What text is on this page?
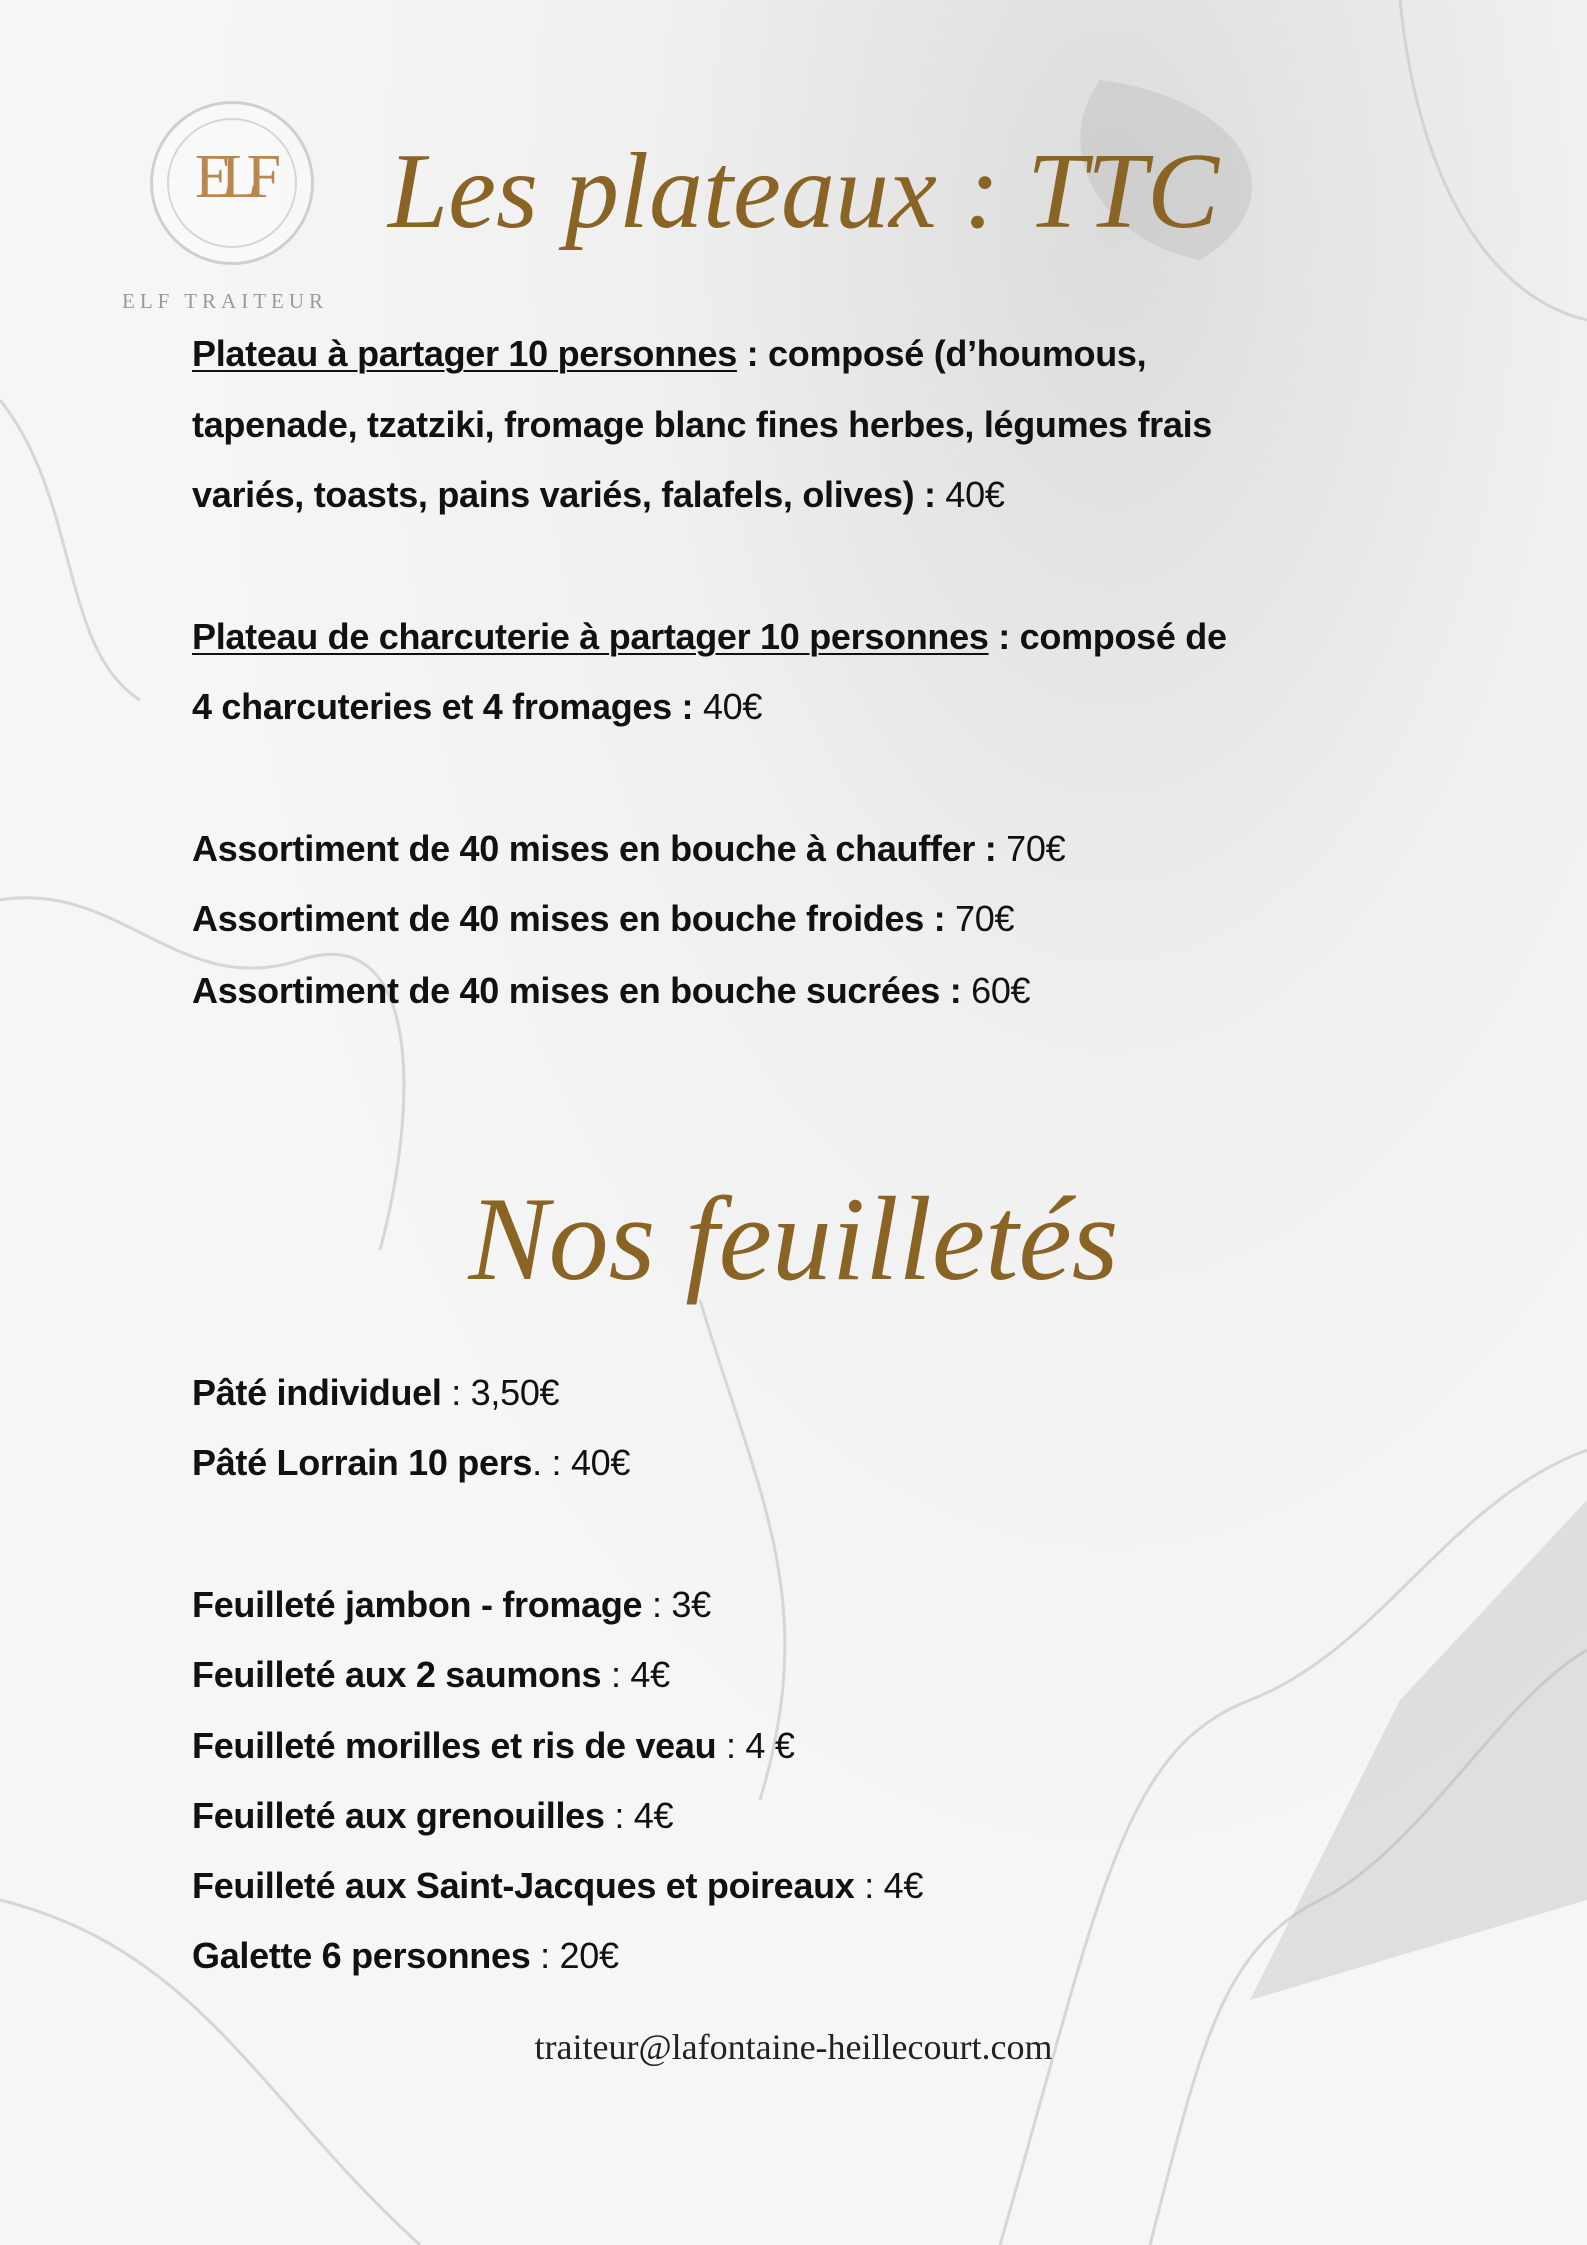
ELF
ELF TRAITEUR
Les plateaux : TTC
Plateau à partager 10 personnes : composé (d’houmous,
tapenade, tzatziki, fromage blanc fines herbes, légumes frais
variés, toasts, pains variés, falafels, olives) : 40€
Plateau de charcuterie à partager 10 personnes : composé de
4 charcuteries et 4 fromages : 40€
Assortiment de 40 mises en bouche à chauffer : 70€
Assortiment de 40 mises en bouche froides : 70€
Assortiment de 40 mises en bouche sucrées : 60€
Nos feuilletés
Pâté individuel : 3,50€
Pâté Lorrain 10 pers. : 40€
Feuilleté jambon - fromage : 3€
Feuilleté aux 2 saumons : 4€
Feuilleté morilles et ris de veau : 4 €
Feuilleté aux grenouilles : 4€
Feuilleté aux Saint-Jacques et poireaux : 4€
Galette 6 personnes : 20€
traiteur@lafontaine-heillecourt.com
